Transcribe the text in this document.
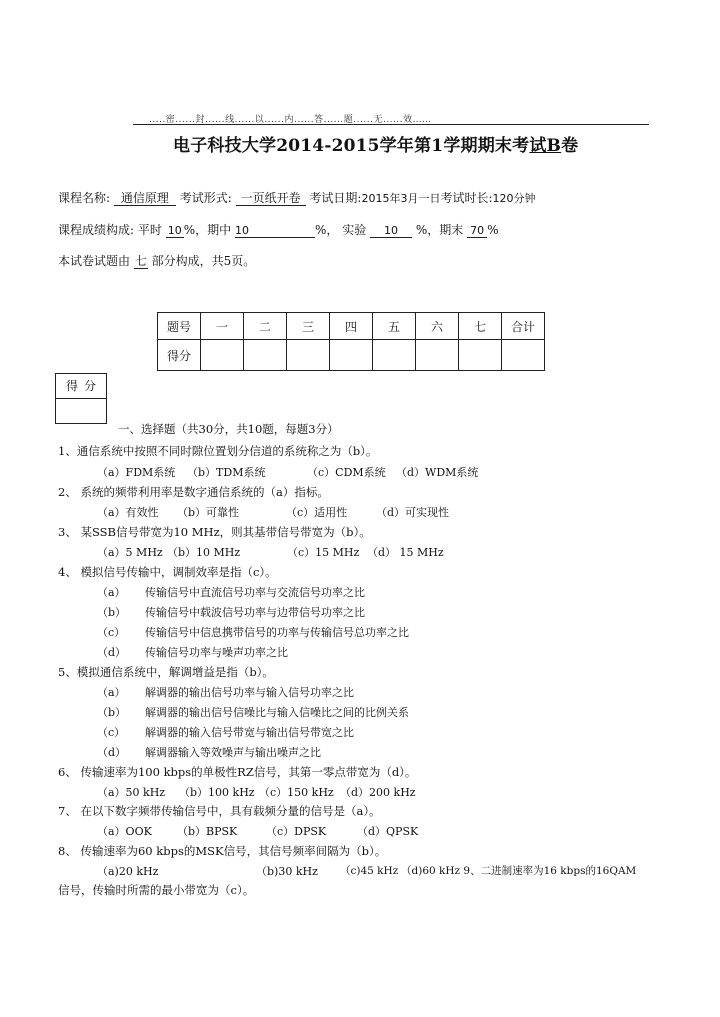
.....密......封......线......以......内......答......题......无......效……
电子科技大学2014-2015学年第1学期期末考试B卷
课程名称: 通信原理 考试形式: 一页纸开卷 考试日期:2015年3月一日考试时长:120分钟
课程成绩构成: 平时 10 %，期中 10	%， 实验 10 %，期末 70 %
本试卷试题由 七 部分构成，共5页。
题号	一	二	三	四	五	六	七	合计
得分								
得分
一、选择题（共30分，共10题，每题3分）
1、通信系统中按照不同时隙位置划分信道的系统称之为（b）。
（a）FDM系统 （b）TDM系统	（c）CDM系统 （d）WDM系统
2、 系统的频带利用率是数字通信系统的（a）指标。
（a）有效性 （b）可靠性	（c）适用性	（d）可实现性
3、 某SSB信号带宽为10 MHz，则其基带信号带宽为（b）。
（a）5 MHz （b）10 MHz	（c）15 MHz （d） 15 MHz
4、 模拟信号传输中，调制效率是指（c）。
（a） 传输信号中直流信号功率与交流信号功率之比
（b） 传输信号中载波信号功率与边带信号功率之比
（c） 传输信号中信息携带信号的功率与传输信号总功率之比
（d） 传输信号功率与噪声功率之比
5、模拟通信系统中，解调增益是指（b）。
（a） 解调器的输出信号功率与输入信号功率之比
（b） 解调器的输出信号信噪比与输入信噪比之间的比例关系
（c） 解调器的输入信号带宽与输出信号带宽之比
（d） 解调器输入等效噪声与输出噪声之比
6、 传输速率为100 kbps的单极性RZ信号，其第一零点带宽为（d）。
（a）50 kHz （b）100 kHz （c）150 kHz （d）200 kHz
7、 在以下数字频带传输信号中，具有载频分量的信号是（a）。
（a）OOK （b）BPSK	（c）DPSK	（d）QPSK
8、 传输速率为60 kbps的MSK信号，其信号频率间隔为（b）。
（a)20 kHz	（b)30 kHz （c)45 kHz （d)60 kHz 9、二进制速率为16 kbps的16QAM
信号，传输时所需的最小带宽为（c）。
